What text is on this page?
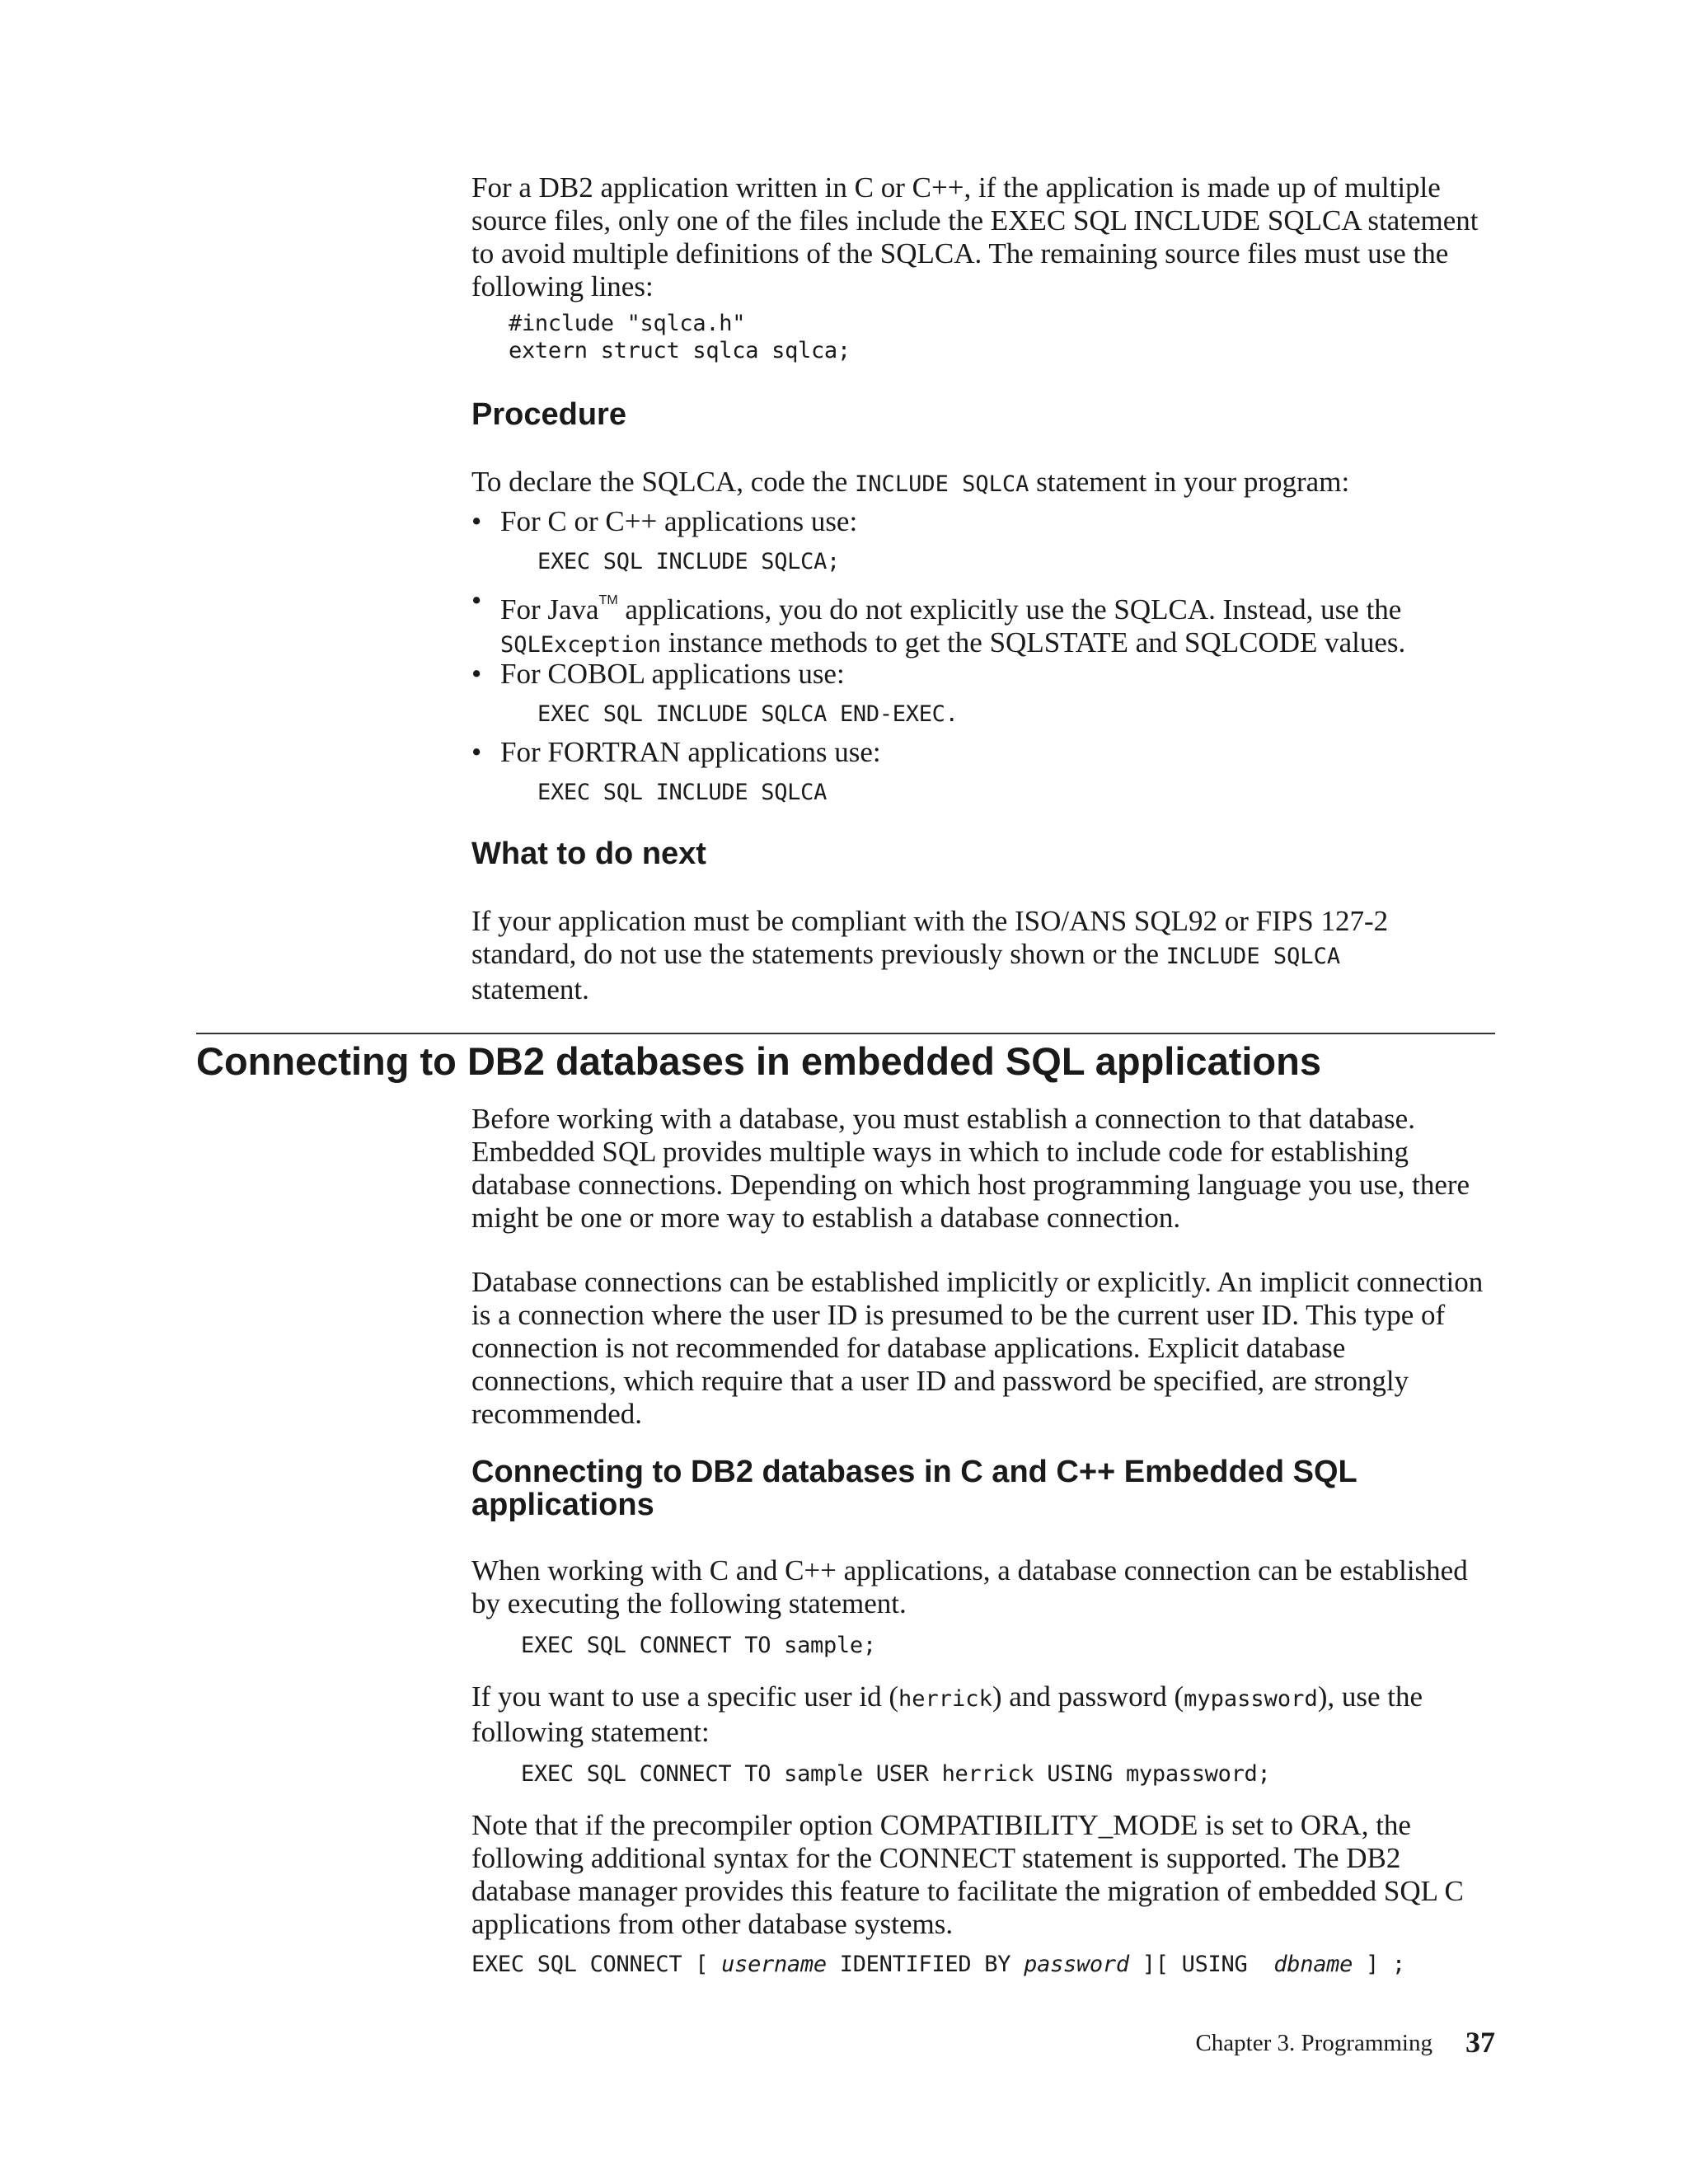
For a DB2 application written in C or C++, if the application is made up of multiple source files, only one of the files include the EXEC SQL INCLUDE SQLCA statement to avoid multiple definitions of the SQLCA. The remaining source files must use the following lines:

#include "sqlca.h"
extern struct sqlca sqlca;
Procedure

To declare the SQLCA, code the INCLUDE SQLCA statement in your program:

• For C or C++ applications use:
EXEC SQL INCLUDE SQLCA;
• For Java™ applications, you do not explicitly use the SQLCA. Instead, use the
SQLException instance methods to get the SQLSTATE and SQLCODE values.
• For COBOL applications use:
EXEC SQL INCLUDE SQLCA END-EXEC.
• For FORTRAN applications use:
EXEC SQL INCLUDE SQLCA
What to do next

If your application must be compliant with the ISO/ANS SQL92 or FIPS 127-2

standard, do not use the statements previously shown or the INCLUDE SQLCA

statement.

Connecting to DB2 databases in embedded SQL applications

Before working with a database, you must establish a connection to that database. Embedded SQL provides multiple ways in which to include code for establishing database connections. Depending on which host programming language you use, there might be one or more way to establish a database connection.

Database connections can be established implicitly or explicitly. An implicit connection is a connection where the user ID is presumed to be the current user ID. This type of connection is not recommended for database applications. Explicit database connections, which require that a user ID and password be specified, are strongly recommended.

Connecting to DB2 databases in C and C++ Embedded SQL applications

When working with C and C++ applications, a database connection can be established by executing the following statement.

EXEC SQL CONNECT TO sample;

If you want to use a specific user id (herrick) and password (mypassword), use the following statement:

EXEC SQL CONNECT TO sample USER herrick USING mypassword;

Note that if the precompiler option COMPATIBILITY_MODE is set to ORA, the following additional syntax for the CONNECT statement is supported. The DB2 database manager provides this feature to facilitate the migration of embedded SQL C applications from other database systems.

EXEC SQL CONNECT [ username IDENTIFIED BY password ][ USING  dbname ] ;
Chapter 3. Programming 37
